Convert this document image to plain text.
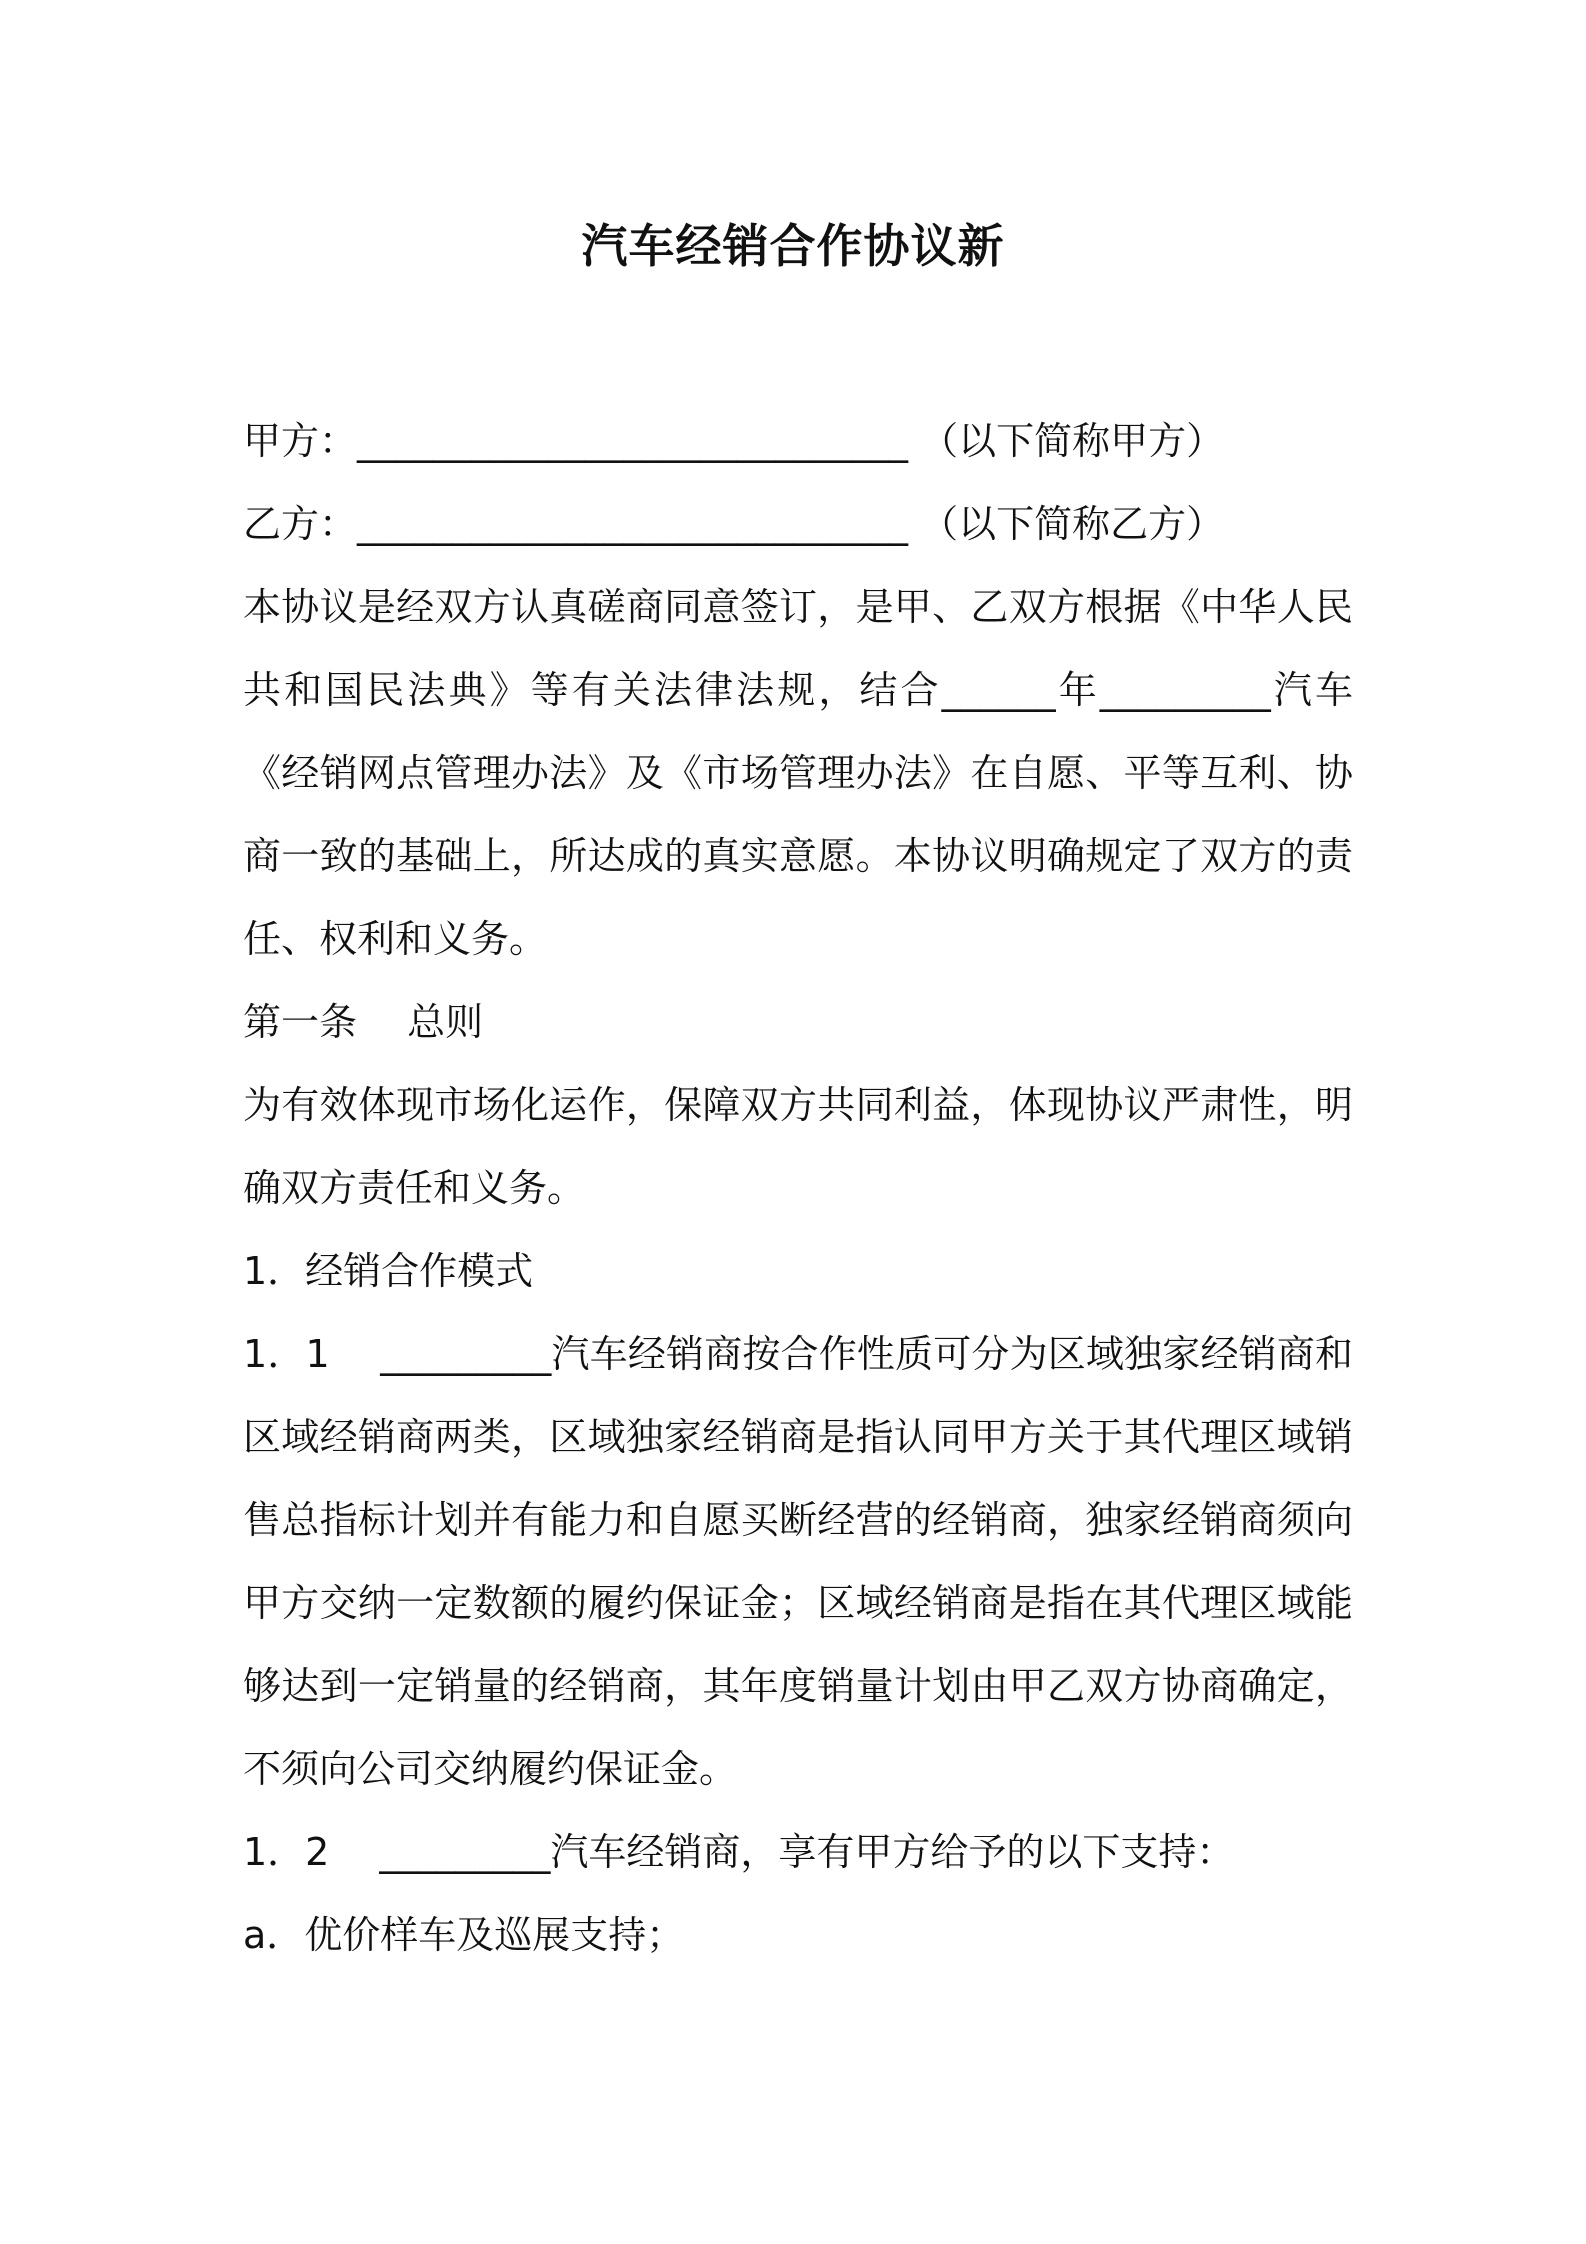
汽车经销合作协议新
甲方：_____________________________ （以下简称甲方）
乙方：_____________________________ （以下简称乙方）
本协议是经双方认真磋商同意签订，是甲、乙双方根据《中华人民共和国民法典》等有关法律法规，结合______年_________汽车《经销网点管理办法》及《市场管理办法》在自愿、平等互利、协商一致的基础上，所达成的真实意愿。本协议明确规定了双方的责任、权利和义务。
第一条　 总则
为有效体现市场化运作，保障双方共同利益，体现协议严肃性，明确双方责任和义务。
1．经销合作模式
1．1　 _________汽车经销商按合作性质可分为区域独家经销商和区域经销商两类，区域独家经销商是指认同甲方关于其代理区域销售总指标计划并有能力和自愿买断经营的经销商，独家经销商须向甲方交纳一定数额的履约保证金；区域经销商是指在其代理区域能够达到一定销量的经销商，其年度销量计划由甲乙双方协商确定，不须向公司交纳履约保证金。
1．2　 _________汽车经销商，享有甲方给予的以下支持：
a．优价样车及巡展支持；
